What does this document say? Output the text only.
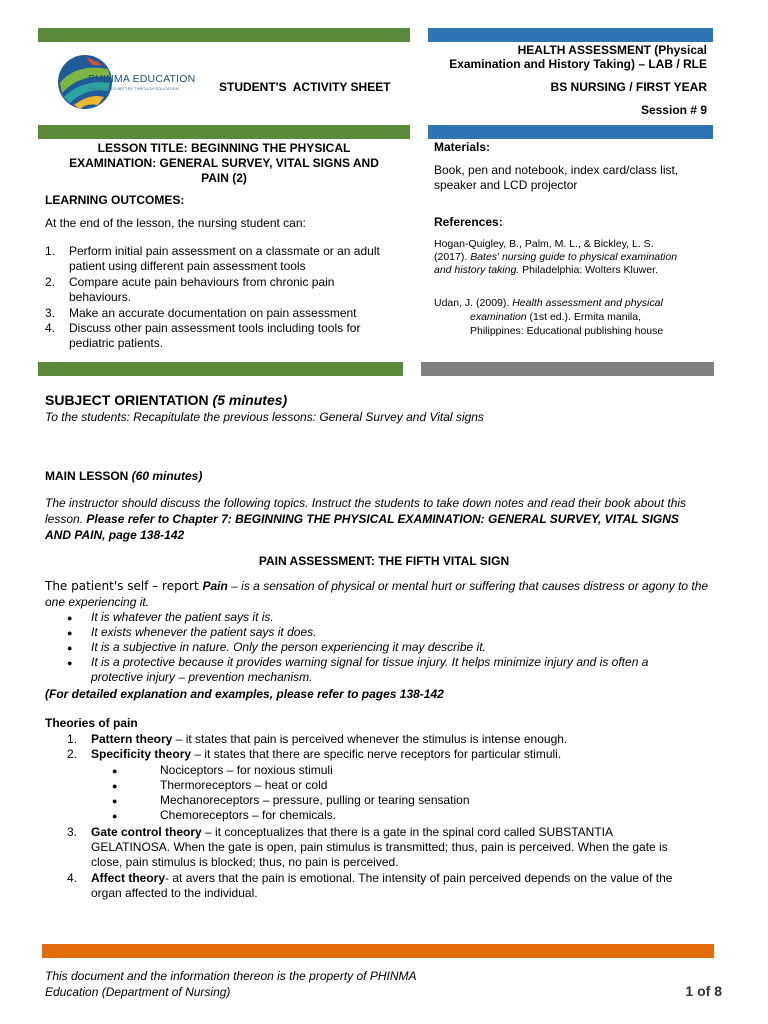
PHINMA EDUCATION
MAKING LIVES BETTER THROUGH EDUCATION	STUDENT'S  ACTIVITY SHEET
HEALTH ASSESSMENT (Physical
Examination and History Taking) – LAB / RLE
BS NURSING / FIRST YEAR
Session # 9
LESSON TITLE: BEGINNING THE PHYSICAL
EXAMINATION: GENERAL SURVEY, VITAL SIGNS AND
PAIN (2)
LEARNING OUTCOMES:
At the end of the lesson, the nursing student can:
1. Perform initial pain assessment on a classmate or an adult
patient using different pain assessment tools
2. Compare acute pain behaviours from chronic pain
behaviours.
3. Make an accurate documentation on pain assessment
4. Discuss other pain assessment tools including tools for
pediatric patients.
Materials:
Book, pen and notebook, index card/class list,
speaker and LCD projector
References:
Hogan-Quigley, B., Palm, M. L., & Bickley, L. S.
(2017). Bates' nursing guide to physical examination
and history taking. Philadelphia: Wolters Kluwer.
Udan, J. (2009). Health assessment and physical
examination (1st ed.). Ermita manila,
Philippines: Educational publishing house
SUBJECT ORIENTATION (5 minutes)
To the students: Recapitulate the previous lessons: General Survey and Vital signs
MAIN LESSON (60 minutes)
The instructor should discuss the following topics. Instruct the students to take down notes and read their book about this
lesson. Please refer to Chapter 7: BEGINNING THE PHYSICAL EXAMINATION: GENERAL SURVEY, VITAL SIGNS
AND PAIN, page 138-142
PAIN ASSESSMENT: THE FIFTH VITAL SIGN
The patient's self – report Pain – is a sensation of physical or mental hurt or suffering that causes distress or agony to the
one experiencing it.
● It is whatever the patient says it is.
● It exists whenever the patient says it does.
● It is a subjective in nature. Only the person experiencing it may describe it.
● It is a protective because it provides warning signal for tissue injury. It helps minimize injury and is often a
protective injury – prevention mechanism.
(For detailed explanation and examples, please refer to pages 138-142
Theories of pain
1. Pattern theory – it states that pain is perceived whenever the stimulus is intense enough.
2. Specificity theory – it states that there are specific nerve receptors for particular stimuli.
●	Nociceptors – for noxious stimuli
●	Thermoreceptors – heat or cold
●	Mechanoreceptors – pressure, pulling or tearing sensation
●	Chemoreceptors – for chemicals.
3. Gate control theory – it conceptualizes that there is a gate in the spinal cord called SUBSTANTIA
GELATINOSA. When the gate is open, pain stimulus is transmitted; thus, pain is perceived. When the gate is
close, pain stimulus is blocked; thus, no pain is perceived.
4. Affect theory- at avers that the pain is emotional. The intensity of pain perceived depends on the value of the
organ affected to the individual.
This document and the information thereon is the property of PHINMA
Education (Department of Nursing)	1 of 8
